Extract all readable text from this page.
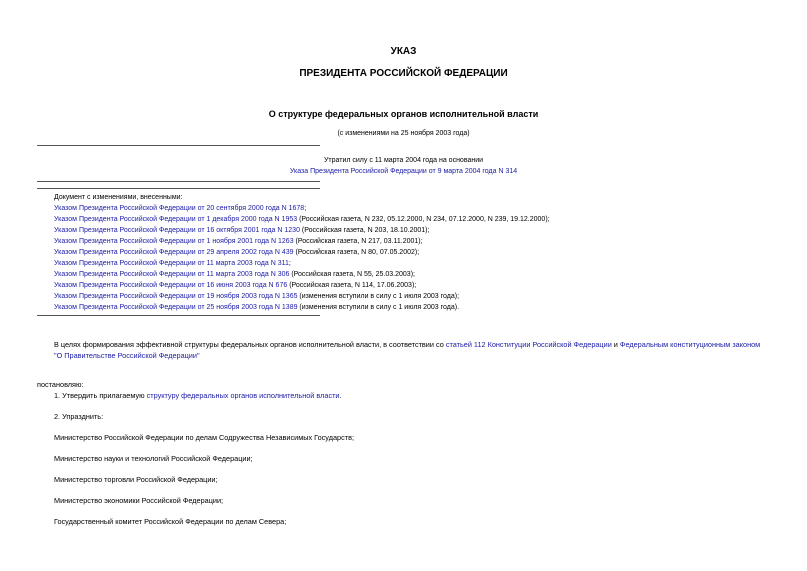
УКАЗ
ПРЕЗИДЕНТА РОССИЙСКОЙ ФЕДЕРАЦИИ
О структуре федеральных органов исполнительной власти
(с изменениями на 25 ноября 2003 года)
Утратил силу с 11 марта 2004 года на основании
Указа Президента Российской Федерации от 9 марта 2004 года N 314
Документ с изменениями, внесенными:
Указом Президента Российской Федерации от 20 сентября 2000 года N 1678;
Указом Президента Российской Федерации от 1 декабря 2000 года N 1953 (Российская газета, N 232, 05.12.2000, N 234, 07.12.2000, N 239, 19.12.2000);
Указом Президента Российской Федерации от 16 октября 2001 года N 1230 (Российская газета, N 203, 18.10.2001);
Указом Президента Российской Федерации от 1 ноября 2001 года N 1263 (Российская газета, N 217, 03.11.2001);
Указом Президента Российской Федерации от 29 апреля 2002 года N 439 (Российская газета, N 80, 07.05.2002);
Указом Президента Российской Федерации от 11 марта 2003 года N 311;
Указом Президента Российской Федерации от 11 марта 2003 года N 306 (Российская газета, N 55, 25.03.2003);
Указом Президента Российской Федерации от 16 июня 2003 года N 676 (Российская газета, N 114, 17.06.2003);
Указом Президента Российской Федерации от 19 ноября 2003 года N 1365 (изменения вступили в силу с 1 июля 2003 года);
Указом Президента Российской Федерации от 25 ноября 2003 года N 1389 (изменения вступили в силу с 1 июля 2003 года).
В целях формирования эффективной структуры федеральных органов исполнительной власти, в соответствии со статьей 112 Конституции Российской Федерации и Федеральным конституционным законом "О Правительстве Российской Федерации"
постановляю:
1. Утвердить прилагаемую структуру федеральных органов исполнительной власти.
2. Упразднить:
Министерство Российской Федерации по делам Содружества Независимых Государств;
Министерство науки и технологий Российской Федерации;
Министерство торговли Российской Федерации;
Министерство экономики Российской Федерации;
Государственный комитет Российской Федерации по делам Севера;
